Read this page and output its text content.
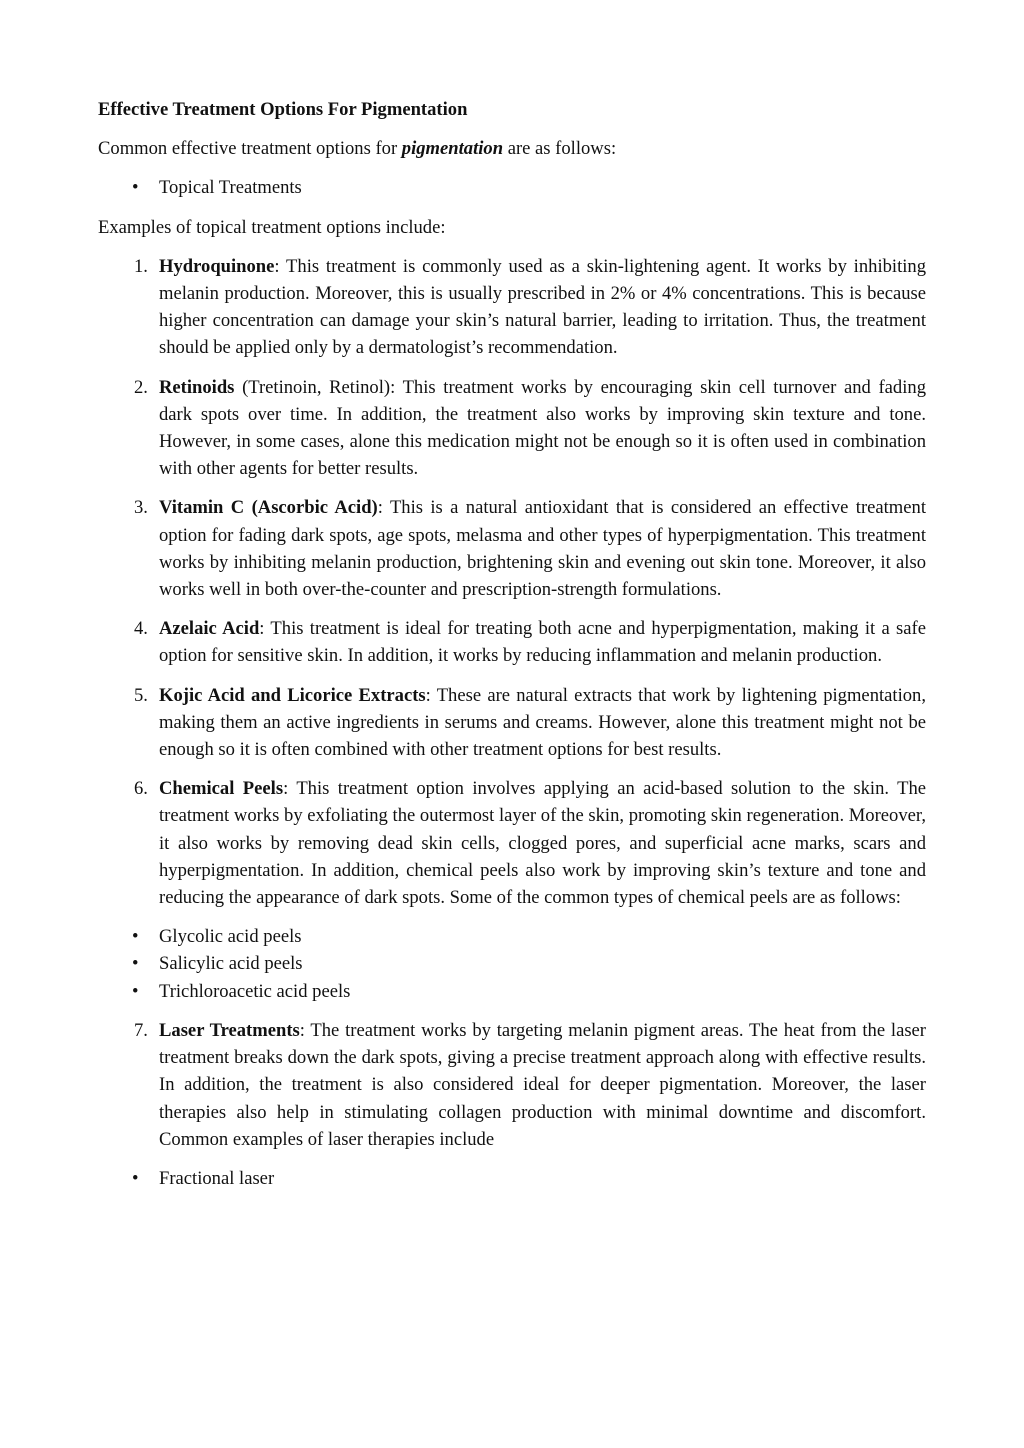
Effective Treatment Options For Pigmentation

Common effective treatment options for pigmentation are as follows:

• Topical Treatments

Examples of topical treatment options include:

1. Hydroquinone: This treatment is commonly used as a skin-lightening agent. It works by inhibiting melanin production. Moreover, this is usually prescribed in 2% or 4% concentrations. This is because higher concentration can damage your skin’s natural barrier, leading to irritation. Thus, the treatment should be applied only by a dermatologist’s recommendation.
2. Retinoids (Tretinoin, Retinol): This treatment works by encouraging skin cell turnover and fading dark spots over time. In addition, the treatment also works by improving skin texture and tone. However, in some cases, alone this medication might not be enough so it is often used in combination with other agents for better results.
3. Vitamin C (Ascorbic Acid): This is a natural antioxidant that is considered an effective treatment option for fading dark spots, age spots, melasma and other types of hyperpigmentation. This treatment works by inhibiting melanin production, brightening skin and evening out skin tone. Moreover, it also works well in both over-the-counter and prescription-strength formulations.
4. Azelaic Acid: This treatment is ideal for treating both acne and hyperpigmentation, making it a safe option for sensitive skin. In addition, it works by reducing inflammation and melanin production.
5. Kojic Acid and Licorice Extracts: These are natural extracts that work by lightening pigmentation, making them an active ingredients in serums and creams. However, alone this treatment might not be enough so it is often combined with other treatment options for best results.
6. Chemical Peels: This treatment option involves applying an acid-based solution to the skin. The treatment works by exfoliating the outermost layer of the skin, promoting skin regeneration. Moreover, it also works by removing dead skin cells, clogged pores, and superficial acne marks, scars and hyperpigmentation. In addition, chemical peels also work by improving skin’s texture and tone and reducing the appearance of dark spots. Some of the common types of chemical peels are as follows:
• Glycolic acid peels
• Salicylic acid peels
• Trichloroacetic acid peels
7. Laser Treatments: The treatment works by targeting melanin pigment areas. The heat from the laser treatment breaks down the dark spots, giving a precise treatment approach along with effective results. In addition, the treatment is also considered ideal for deeper pigmentation. Moreover, the laser therapies also help in stimulating collagen production with minimal downtime and discomfort. Common examples of laser therapies include
• Fractional laser
